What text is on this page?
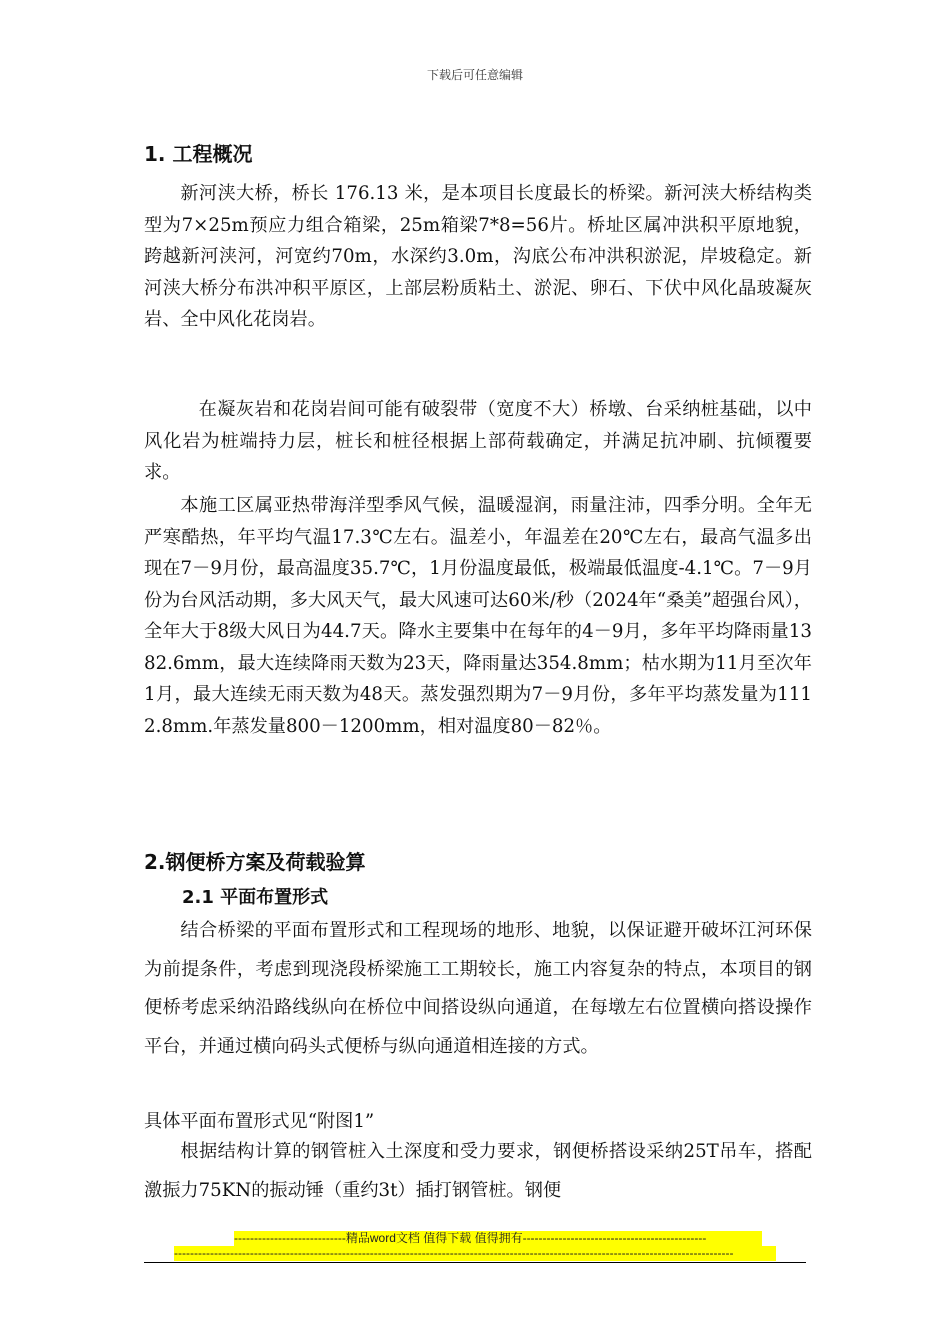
下载后可任意编辑
1. 工程概况

新河浃大桥，桥长 176.13 米，是本项目长度最长的桥梁。新河浃大桥结构类型为7×25m预应力组合箱梁，25m箱梁7*8=56片。桥址区属冲洪积平原地貌，跨越新河浃河，河宽约70m，水深约3.0m，沟底公布冲洪积淤泥，岸坡稳定。新河浃大桥分布洪冲积平原区，上部层粉质粘土、淤泥、卵石、下伏中风化晶玻凝灰岩、全中风化花岗岩。

在凝灰岩和花岗岩间可能有破裂带（宽度不大）桥墩、台采纳桩基础，以中风化岩为桩端持力层，桩长和桩径根据上部荷载确定，并满足抗冲刷、抗倾覆要求。

本施工区属亚热带海洋型季风气候，温暖湿润，雨量注沛，四季分明。全年无严寒酷热，年平均气温17.3℃左右。温差小，年温差在20℃左右，最高气温多出现在7－9月份，最高温度35.7℃，1月份温度最低，极端最低温度-4.1℃。7－9月份为台风活动期，多大风天气，最大风速可达60米/秒（2024年“桑美”超强台风），全年大于8级大风日为44.7天。降水主要集中在每年的4－9月，多年平均降雨量1382.6mm，最大连续降雨天数为23天，降雨量达354.8mm；枯水期为11月至次年1月，最大连续无雨天数为48天。蒸发强烈期为7－9月份，多年平均蒸发量为1112.8mm.年蒸发量800－1200mm，相对温度80－82％。

2.钢便桥方案及荷载验算
2.1 平面布置形式

结合桥梁的平面布置形式和工程现场的地形、地貌，以保证避开破坏江河环保为前提条件，考虑到现浇段桥梁施工工期较长，施工内容复杂的特点，本项目的钢便桥考虑采纳沿路线纵向在桥位中间搭设纵向通道，在每墩左右位置横向搭设操作平台，并通过横向码头式便桥与纵向通道相连接的方式。

具体平面布置形式见“附图1”

根据结构计算的钢管桩入土深度和受力要求，钢便桥搭设采纳25T吊车，搭配激振力75KN的振动锤（重约3t）插打钢管桩。钢便

----------------------------精品word文档 值得下载 值得拥有----------------------------------------------
--------------------------------------------------------------------------------------------------------------------------------------------
